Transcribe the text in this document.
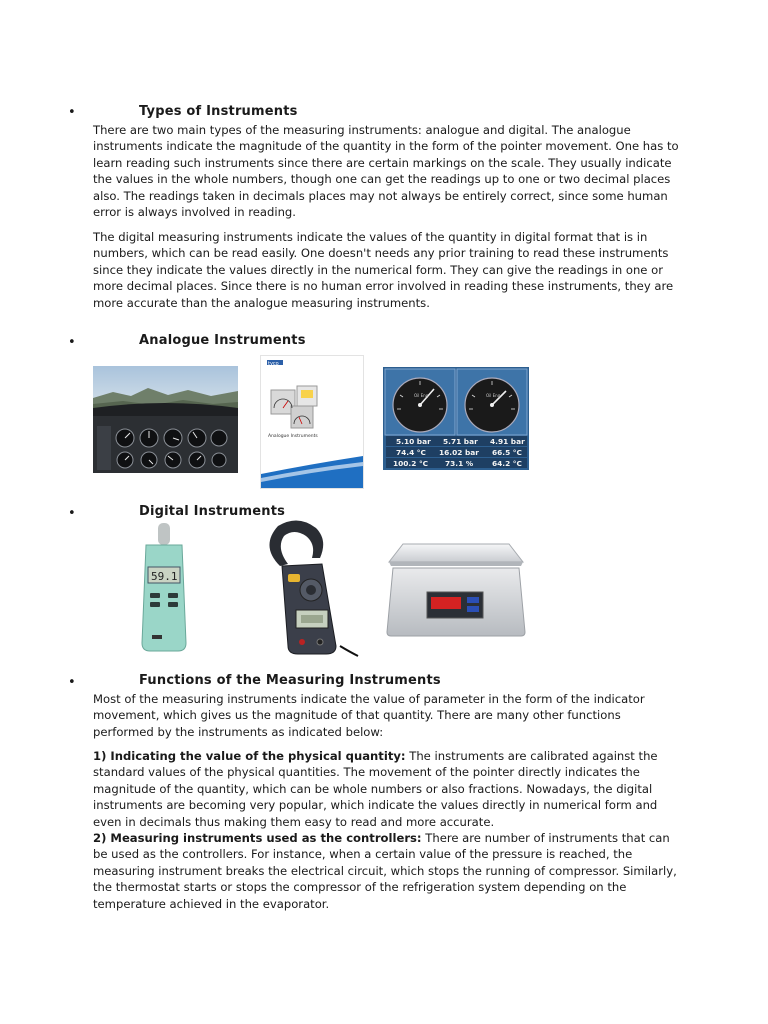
•	Types of Instruments

There are two main types of the measuring instruments: analogue and digital. The analogue instruments indicate the magnitude of the quantity in the form of the pointer movement. One has to learn reading such instruments since there are certain markings on the scale. They usually indicate the values in the whole numbers, though one can get the readings up to one or two decimal places also. The readings taken in decimals places may not always be entirely correct, since some human error is always involved in reading.

The digital measuring instruments indicate the values of the quantity in digital format that is in numbers, which can be read easily. One doesn't needs any prior training to read these instruments since they indicate the values directly in the numerical form. They can give the readings in one or more decimal places. Since there is no human error involved in reading these instruments, they are more accurate than the analogue measuring instruments.

•	Analogue Instruments
tyco
Analogue Instruments
Oil Eng	Oil Eng
5.10 bar 5.71 bar 4.91 bar
74.4 °C 16.02 bar 66.5 °C
100.2 °C 73.1 %	64.2 °C
•	Digital Instruments
59.1
•	Functions of the Measuring Instruments

Most of the measuring instruments indicate the value of parameter in the form of the indicator movement, which gives us the magnitude of that quantity. There are many other functions performed by the instruments as indicated below:

1) Indicating the value of the physical quantity: The instruments are calibrated against the standard values of the physical quantities. The movement of the pointer directly indicates the magnitude of the quantity, which can be whole numbers or also fractions. Nowadays, the digital instruments are becoming very popular, which indicate the values directly in numerical form and even in decimals thus making them easy to read and more accurate.

2) Measuring instruments used as the controllers: There are number of instruments that can be used as the controllers. For instance, when a certain value of the pressure is reached, the measuring instrument breaks the electrical circuit, which stops the running of compressor. Similarly, the thermostat starts or stops the compressor of the refrigeration system depending on the temperature achieved in the evaporator.
